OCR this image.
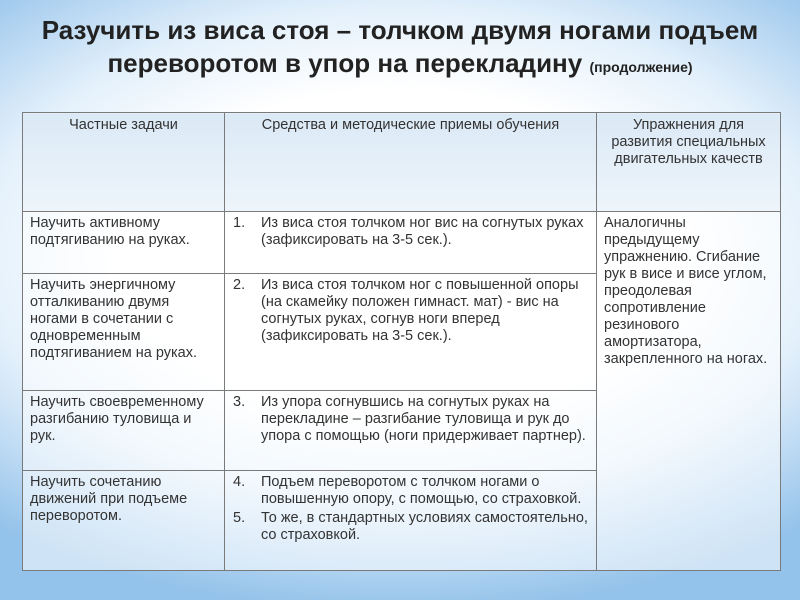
Разучить из виса стоя – толчком двумя ногами подъем переворотом в упор на перекладину (продолжение)
Частные задачи	Средства и методические приемы обучения	Упражнения для развития специальных двигательных качеств
Научить активному подтягиванию на руках.	1. Из виса стоя толчком ног вис на согнутых руках (зафиксировать на 3-5 сек.).	Аналогичны предыдущему упражнению. Сгибание рук в висе и висе углом, преодолевая сопротивление резинового амортизатора, закрепленного на ногах.
Научить энергичному отталкиванию двумя ногами в сочетании с одновременным подтягиванием на руках.	2. Из виса стоя толчком ног с повышенной опоры (на скамейку положен гимнаст. мат) - вис на согнутых руках, согнув ноги вперед (зафиксировать на 3-5 сек.).	

Научить своевременному разгибанию туловища и рук.	3. Из упора согнувшись на согнутых руках на перекладине – разгибание туловища и рук до упора с помощью (ноги придерживает партнер).	

Научить сочетанию движений при подъеме переворотом.	4. Подъем переворотом с толчком ногами о повышенную опору, с помощью, со страховкой.
5. То же, в стандартных условиях самостоятельно, со страховкой.	
